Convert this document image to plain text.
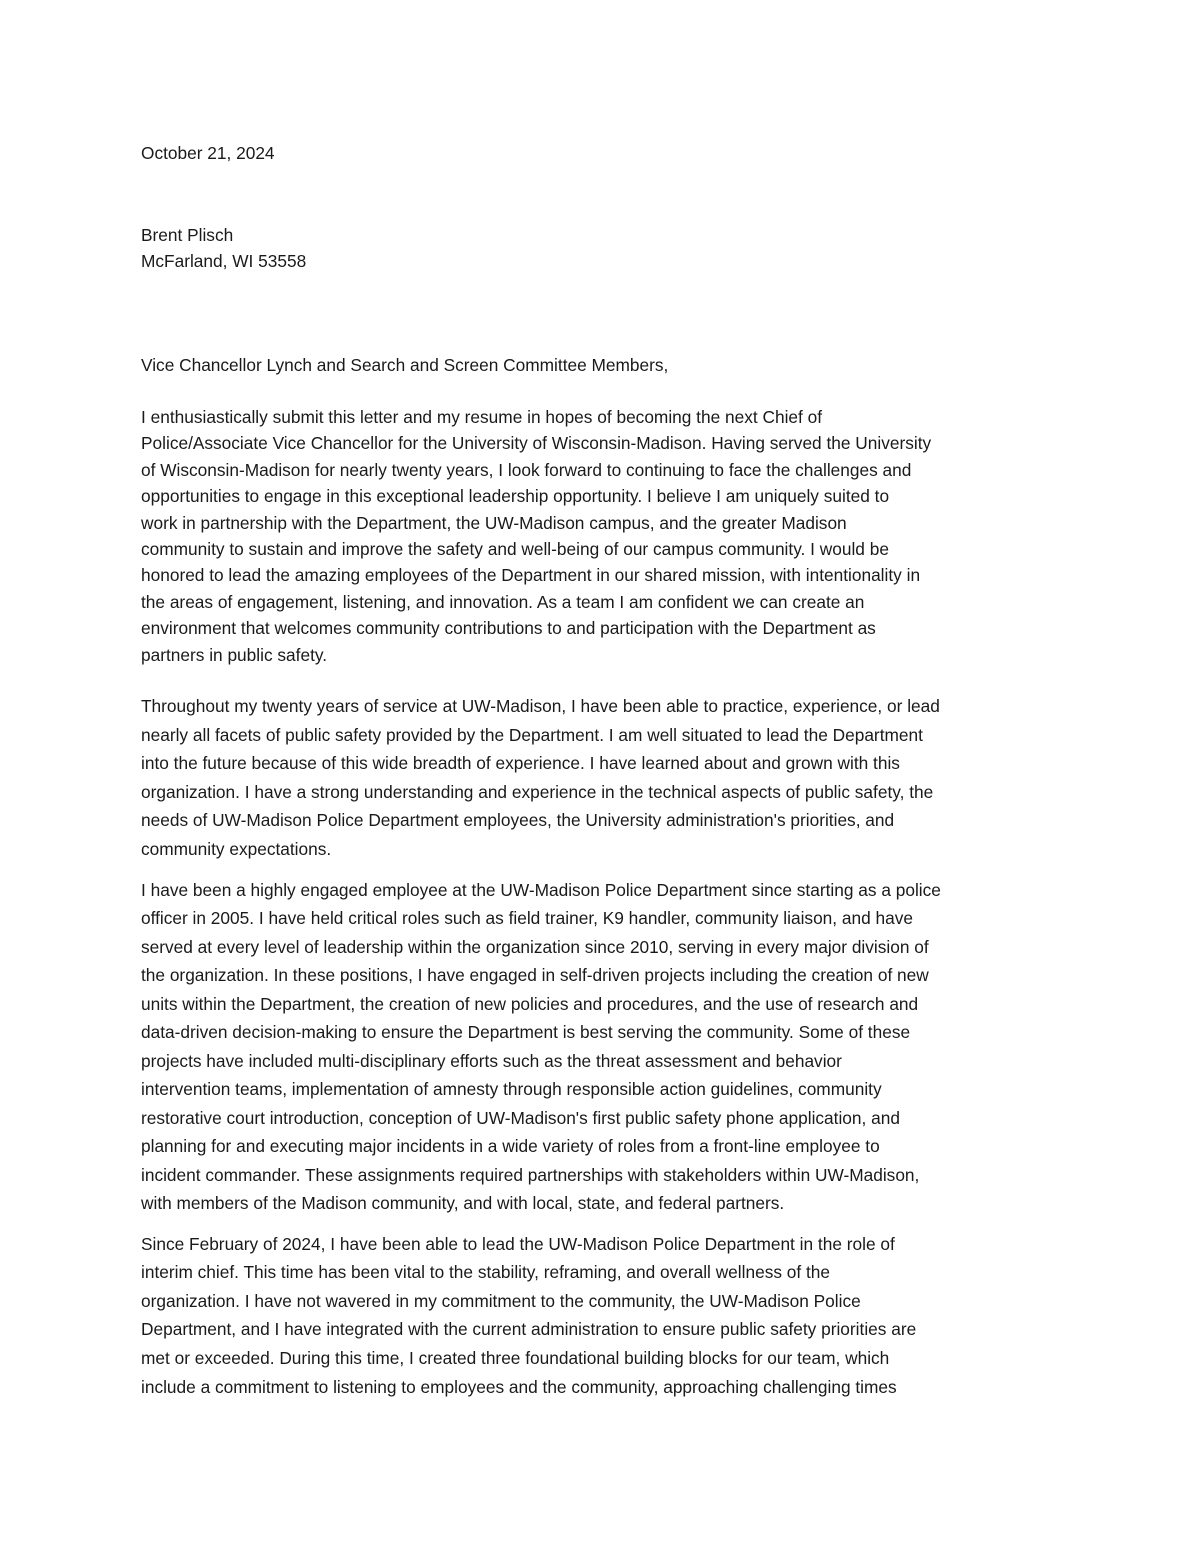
October 21, 2024

Brent Plisch
McFarland, WI 53558

Vice Chancellor Lynch and Search and Screen Committee Members,

I enthusiastically submit this letter and my resume in hopes of becoming the next Chief of
Police/Associate Vice Chancellor for the University of Wisconsin-Madison. Having served the University
of Wisconsin-Madison for nearly twenty years, I look forward to continuing to face the challenges and
opportunities to engage in this exceptional leadership opportunity. I believe I am uniquely suited to
work in partnership with the Department, the UW-Madison campus, and the greater Madison
community to sustain and improve the safety and well-being of our campus community. I would be
honored to lead the amazing employees of the Department in our shared mission, with intentionality in
the areas of engagement, listening, and innovation. As a team I am confident we can create an
environment that welcomes community contributions to and participation with the Department as
partners in public safety.

Throughout my twenty years of service at UW-Madison, I have been able to practice, experience, or lead
nearly all facets of public safety provided by the Department. I am well situated to lead the Department
into the future because of this wide breadth of experience. I have learned about and grown with this
organization. I have a strong understanding and experience in the technical aspects of public safety, the
needs of UW-Madison Police Department employees, the University administration's priorities, and
community expectations.

I have been a highly engaged employee at the UW-Madison Police Department since starting as a police
officer in 2005. I have held critical roles such as field trainer, K9 handler, community liaison, and have
served at every level of leadership within the organization since 2010, serving in every major division of
the organization. In these positions, I have engaged in self-driven projects including the creation of new
units within the Department, the creation of new policies and procedures, and the use of research and
data-driven decision-making to ensure the Department is best serving the community. Some of these
projects have included multi-disciplinary efforts such as the threat assessment and behavior
intervention teams, implementation of amnesty through responsible action guidelines, community
restorative court introduction, conception of UW-Madison's first public safety phone application, and
planning for and executing major incidents in a wide variety of roles from a front-line employee to
incident commander. These assignments required partnerships with stakeholders within UW-Madison,
with members of the Madison community, and with local, state, and federal partners.

Since February of 2024, I have been able to lead the UW-Madison Police Department in the role of
interim chief. This time has been vital to the stability, reframing, and overall wellness of the
organization. I have not wavered in my commitment to the community, the UW-Madison Police
Department, and I have integrated with the current administration to ensure public safety priorities are
met or exceeded. During this time, I created three foundational building blocks for our team, which
include a commitment to listening to employees and the community, approaching challenging times
